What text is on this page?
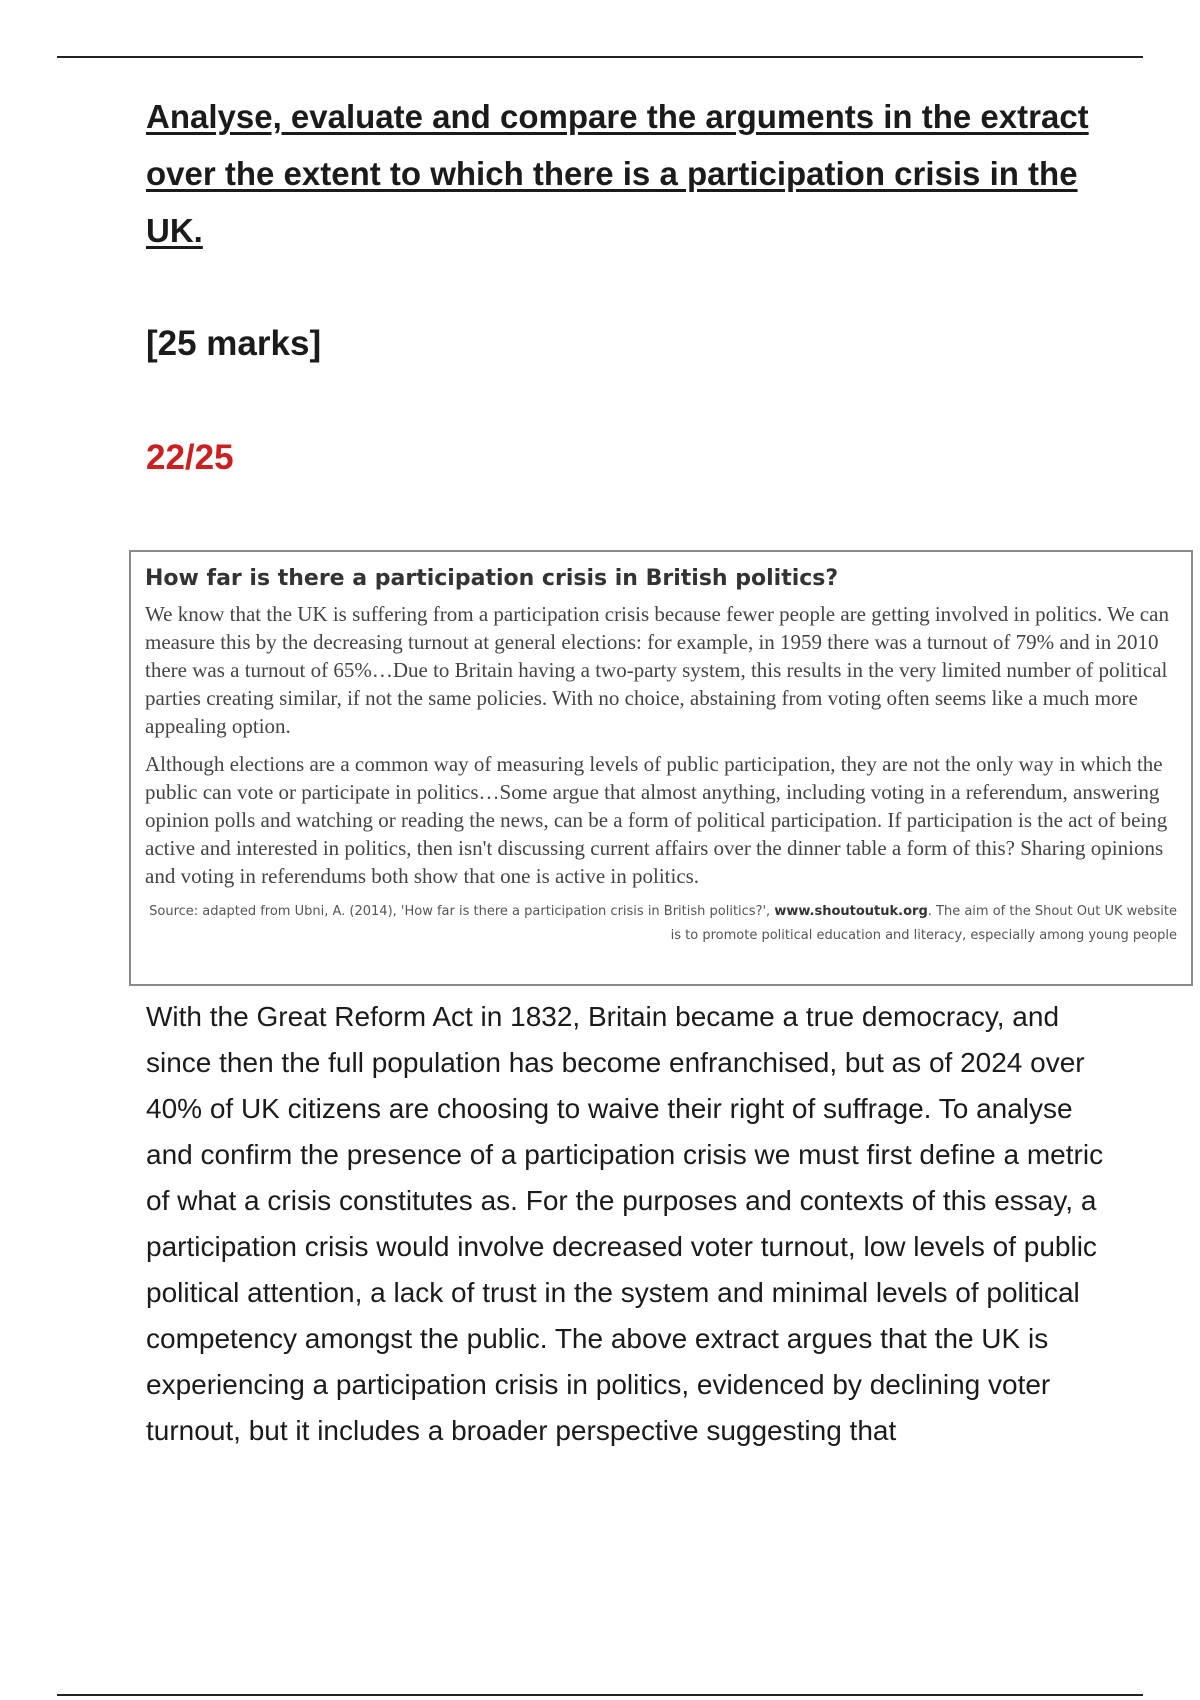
Analyse, evaluate and compare the arguments in the extract over the extent to which there is a participation crisis in the UK.

[25 marks]

22/25

How far is there a participation crisis in British politics?

We know that the UK is suffering from a participation crisis because fewer people are getting involved in politics. We can measure this by the decreasing turnout at general elections: for example, in 1959 there was a turnout of 79% and in 2010 there was a turnout of 65%…Due to Britain having a two-party system, this results in the very limited number of political parties creating similar, if not the same policies. With no choice, abstaining from voting often seems like a much more appealing option.

Although elections are a common way of measuring levels of public participation, they are not the only way in which the public can vote or participate in politics…Some argue that almost anything, including voting in a referendum, answering opinion polls and watching or reading the news, can be a form of political participation. If participation is the act of being active and interested in politics, then isn't discussing current affairs over the dinner table a form of this? Sharing opinions and voting in referendums both show that one is active in politics.

Source: adapted from Ubni, A. (2014), 'How far is there a participation crisis in British politics?', www.shoutoutuk.org. The aim of the Shout Out UK website is to promote political education and literacy, especially among young people

With the Great Reform Act in 1832, Britain became a true democracy, and since then the full population has become enfranchised, but as of 2024 over 40% of UK citizens are choosing to waive their right of suffrage. To analyse and confirm the presence of a participation crisis we must first define a metric of what a crisis constitutes as. For the purposes and contexts of this essay, a participation crisis would involve decreased voter turnout, low levels of public political attention, a lack of trust in the system and minimal levels of political competency amongst the public. The above extract argues that the UK is experiencing a participation crisis in politics, evidenced by declining voter turnout, but it includes a broader perspective suggesting that
